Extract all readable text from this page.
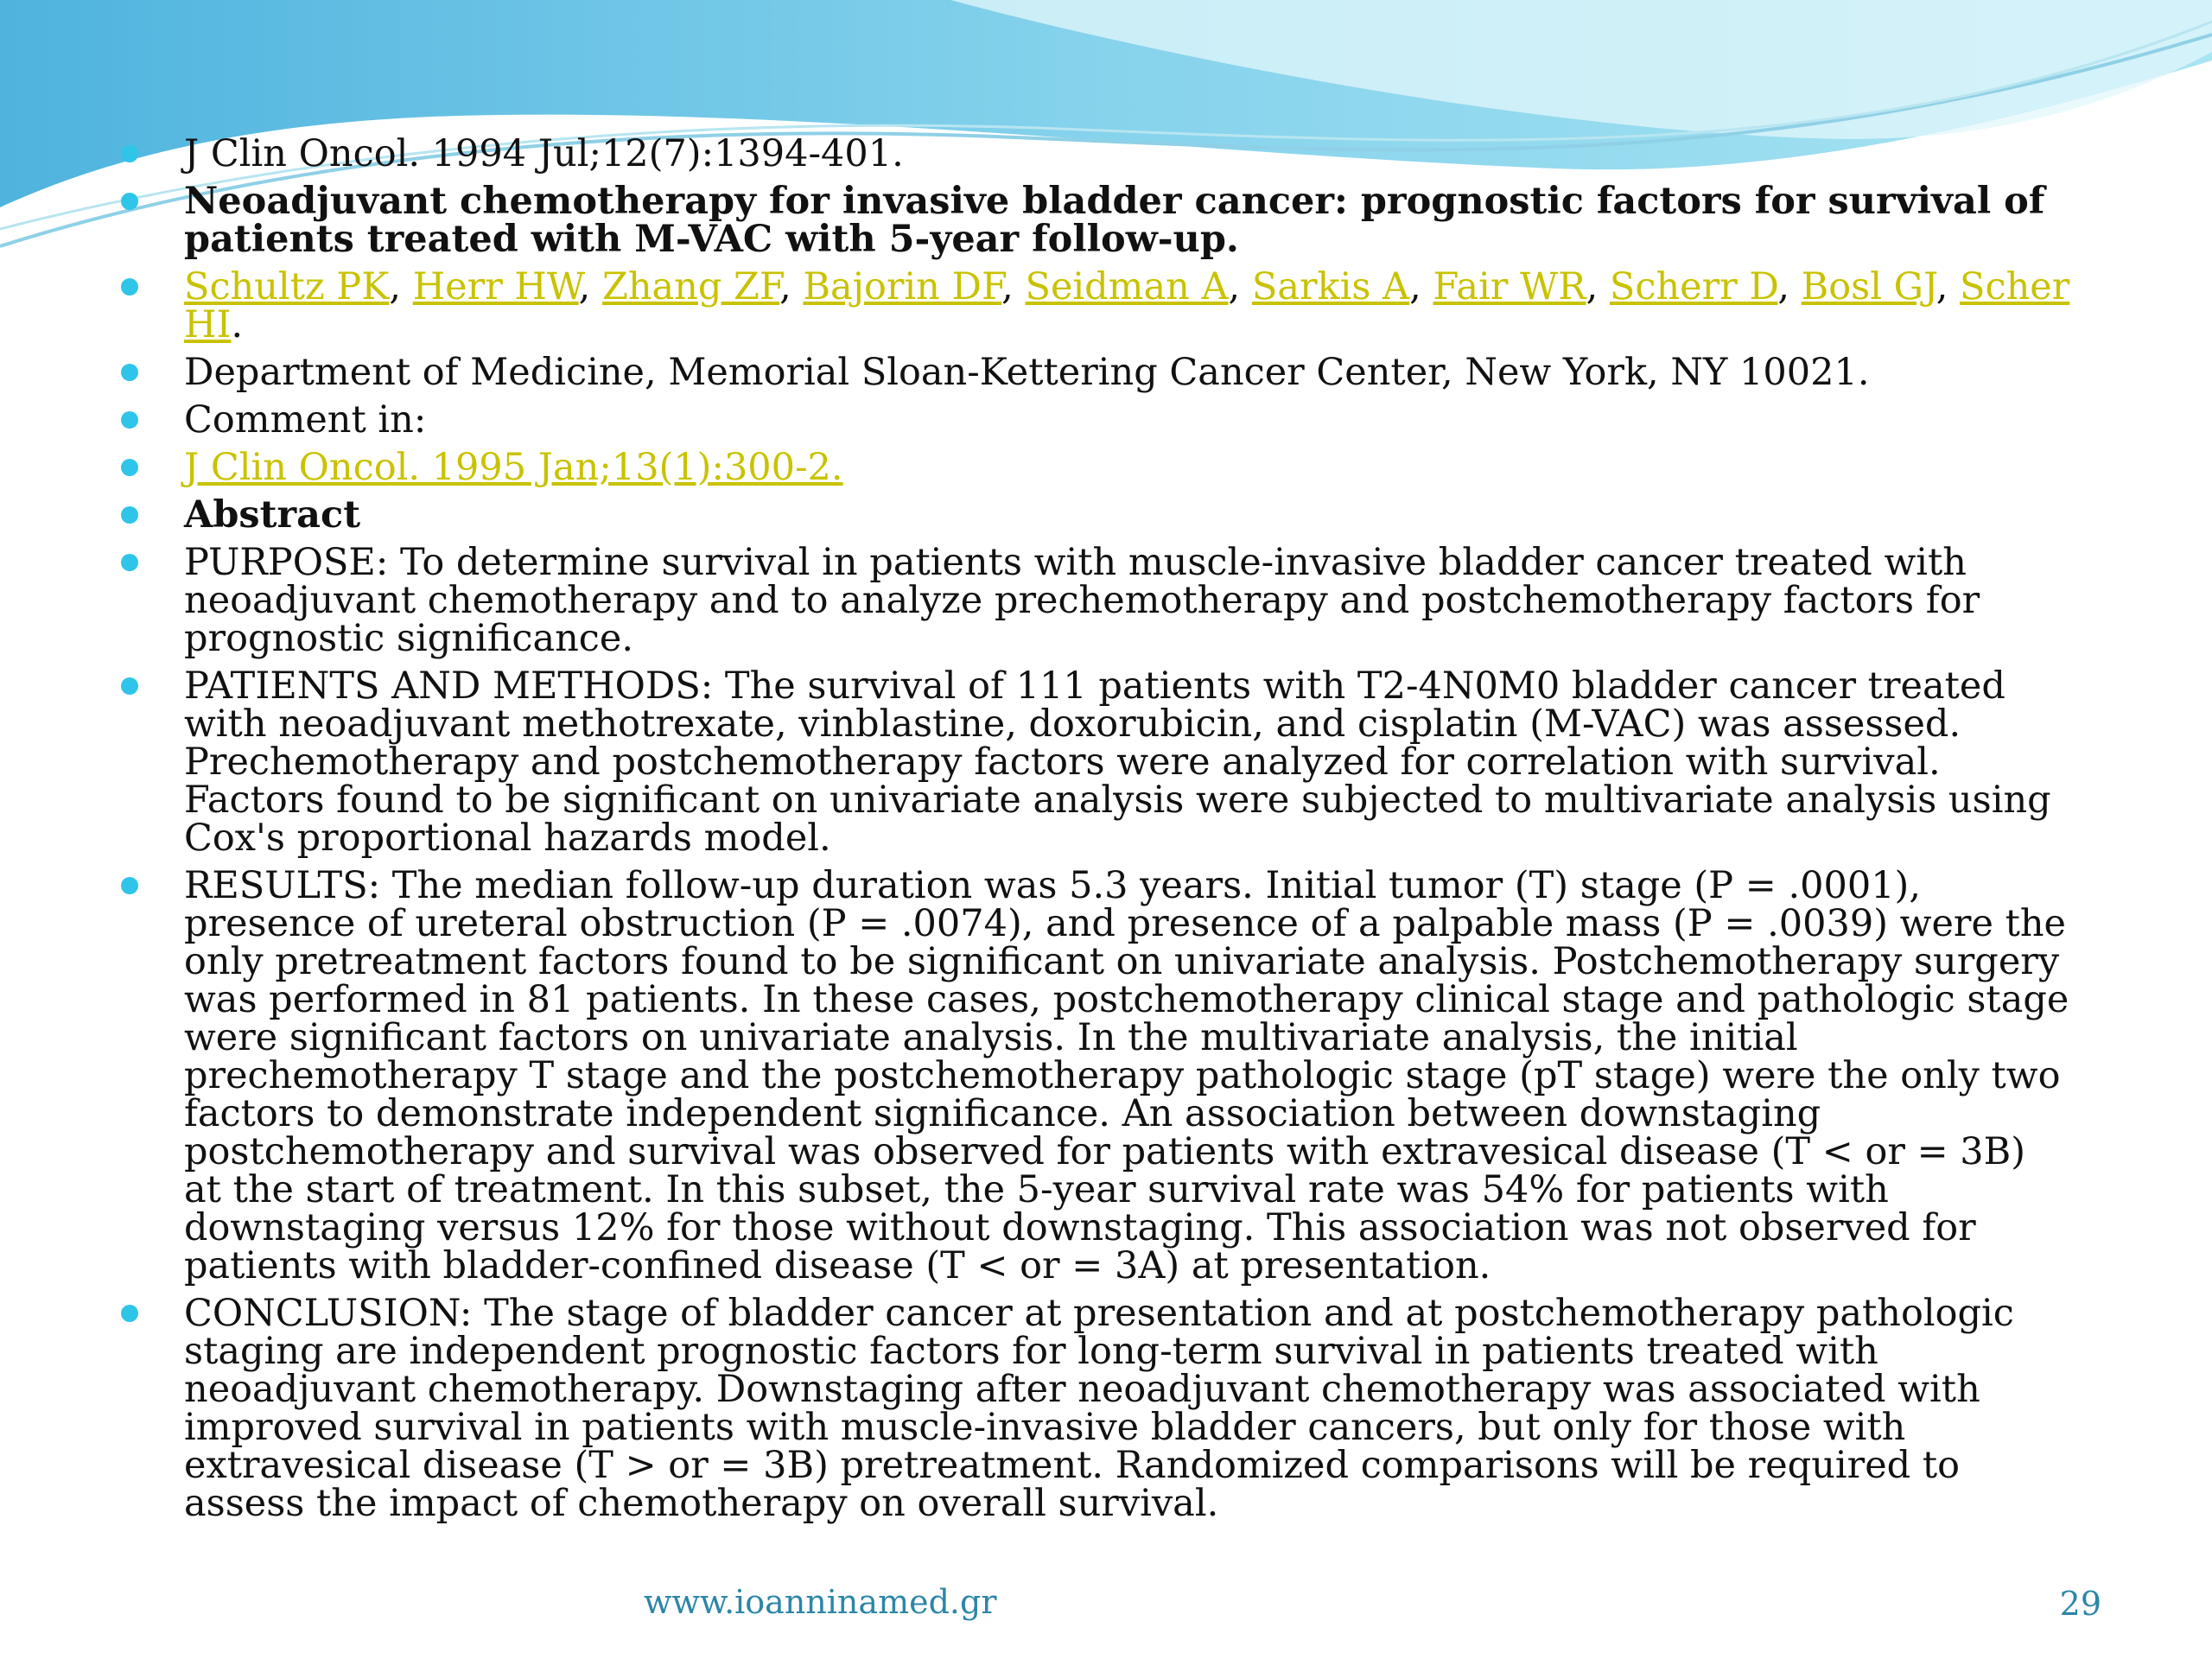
J Clin Oncol. 1994 Jul;12(7):1394-401.
Neoadjuvant chemotherapy for invasive bladder cancer: prognostic factors for survival of patients treated with M-VAC with 5-year follow-up.
Schultz PK, Herr HW, Zhang ZF, Bajorin DF, Seidman A, Sarkis A, Fair WR, Scherr D, Bosl GJ, Scher HI.
Department of Medicine, Memorial Sloan-Kettering Cancer Center, New York, NY 10021.
Comment in:
J Clin Oncol. 1995 Jan;13(1):300-2.
Abstract
PURPOSE: To determine survival in patients with muscle-invasive bladder cancer treated with neoadjuvant chemotherapy and to analyze prechemotherapy and postchemotherapy factors for prognostic significance.
PATIENTS AND METHODS: The survival of 111 patients with T2-4N0M0 bladder cancer treated with neoadjuvant methotrexate, vinblastine, doxorubicin, and cisplatin (M-VAC) was assessed. Prechemotherapy and postchemotherapy factors were analyzed for correlation with survival. Factors found to be significant on univariate analysis were subjected to multivariate analysis using Cox's proportional hazards model.
RESULTS: The median follow-up duration was 5.3 years. Initial tumor (T) stage (P = .0001), presence of ureteral obstruction (P = .0074), and presence of a palpable mass (P = .0039) were the only pretreatment factors found to be significant on univariate analysis. Postchemotherapy surgery was performed in 81 patients. In these cases, postchemotherapy clinical stage and pathologic stage were significant factors on univariate analysis. In the multivariate analysis, the initial prechemotherapy T stage and the postchemotherapy pathologic stage (pT stage) were the only two factors to demonstrate independent significance. An association between downstaging postchemotherapy and survival was observed for patients with extravesical disease (T < or = 3B) at the start of treatment. In this subset, the 5-year survival rate was 54% for patients with downstaging versus 12% for those without downstaging. This association was not observed for patients with bladder-confined disease (T < or = 3A) at presentation.
CONCLUSION: The stage of bladder cancer at presentation and at postchemotherapy pathologic staging are independent prognostic factors for long-term survival in patients treated with neoadjuvant chemotherapy. Downstaging after neoadjuvant chemotherapy was associated with improved survival in patients with muscle-invasive bladder cancers, but only for those with extravesical disease (T > or = 3B) pretreatment. Randomized comparisons will be required to assess the impact of chemotherapy on overall survival.
www.ioanninamed.gr	29
